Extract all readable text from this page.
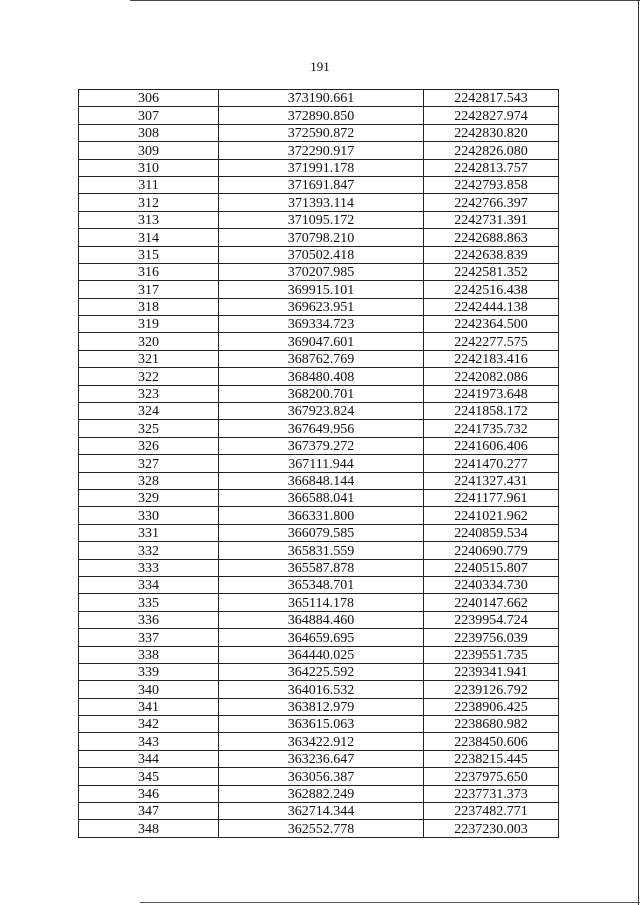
191
306	373190.661	2242817.543
307	372890.850	2242827.974
308	372590.872	2242830.820
309	372290.917	2242826.080
310	371991.178	2242813.757
311	371691.847	2242793.858
312	371393.114	2242766.397
313	371095.172	2242731.391
314	370798.210	2242688.863
315	370502.418	2242638.839
316	370207.985	2242581.352
317	369915.101	2242516.438
318	369623.951	2242444.138
319	369334.723	2242364.500
320	369047.601	2242277.575
321	368762.769	2242183.416
322	368480.408	2242082.086
323	368200.701	2241973.648
324	367923.824	2241858.172
325	367649.956	2241735.732
326	367379.272	2241606.406
327	367111.944	2241470.277
328	366848.144	2241327.431
329	366588.041	2241177.961
330	366331.800	2241021.962
331	366079.585	2240859.534
332	365831.559	2240690.779
333	365587.878	2240515.807
334	365348.701	2240334.730
335	365114.178	2240147.662
336	364884.460	2239954.724
337	364659.695	2239756.039
338	364440.025	2239551.735
339	364225.592	2239341.941
340	364016.532	2239126.792
341	363812.979	2238906.425
342	363615.063	2238680.982
343	363422.912	2238450.606
344	363236.647	2238215.445
345	363056.387	2237975.650
346	362882.249	2237731.373
347	362714.344	2237482.771
348	362552.778	2237230.003
